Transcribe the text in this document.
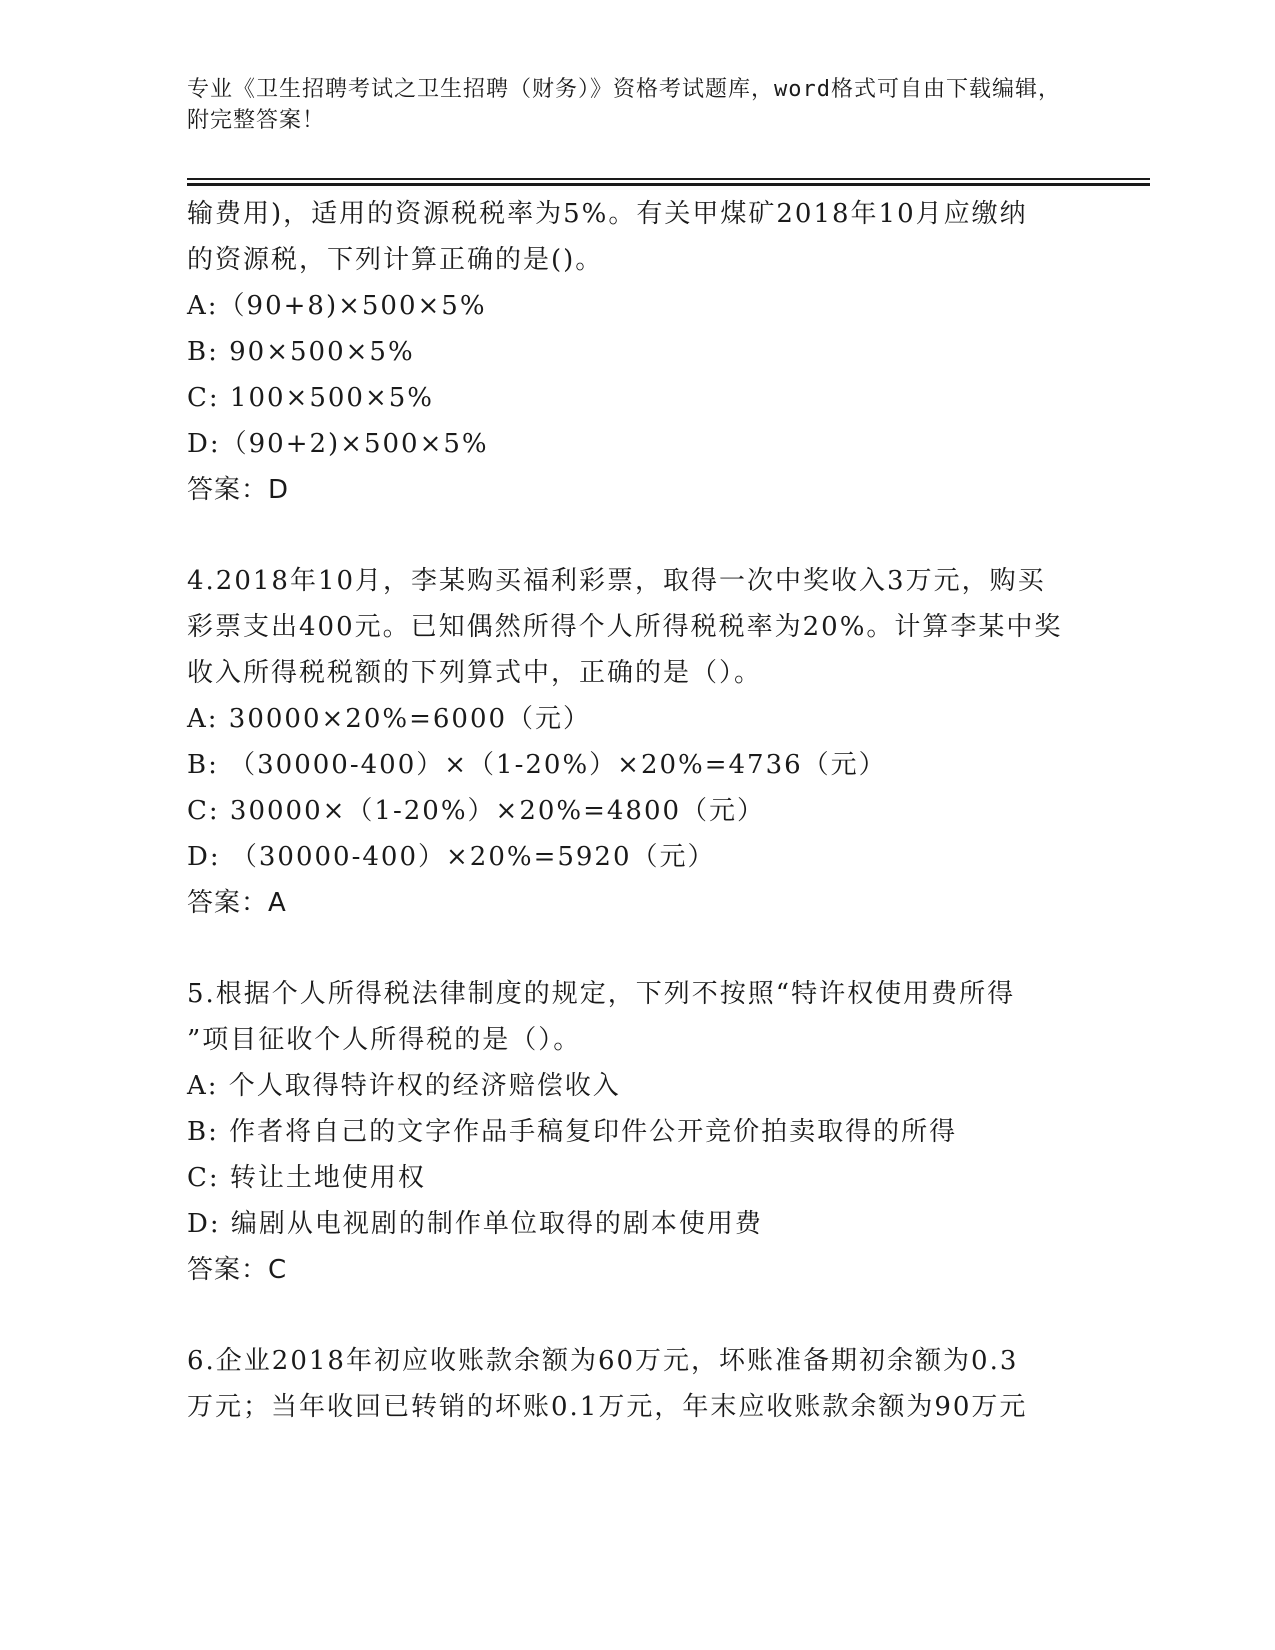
专业《卫生招聘考试之卫生招聘（财务）》资格考试题库，word格式可自由下载编辑，附完整答案！
输费用)，适用的资源税税率为5%。有关甲煤矿2018年10月应缴纳
的资源税，下列计算正确的是()。
A:（90+8)×500×5%
B: 90×500×5%
C: 100×500×5%
D:（90+2)×500×5%
答案：D
4.2018年10月，李某购买福利彩票，取得一次中奖收入3万元，购买
彩票支出400元。已知偶然所得个人所得税税率为20%。计算李某中奖
收入所得税税额的下列算式中，正确的是（）。
A: 30000×20%=6000（元）
B: （30000-400）×（1-20%）×20%=4736（元）
C: 30000×（1-20%）×20%=4800（元）
D: （30000-400）×20%=5920（元）
答案：A
5.根据个人所得税法律制度的规定，下列不按照“特许权使用费所得
”项目征收个人所得税的是（）。
A: 个人取得特许权的经济赔偿收入
B: 作者将自己的文字作品手稿复印件公开竞价拍卖取得的所得
C: 转让土地使用权
D: 编剧从电视剧的制作单位取得的剧本使用费
答案：C
6.企业2018年初应收账款余额为60万元，坏账准备期初余额为0.3
万元；当年收回已转销的坏账0.1万元，年末应收账款余额为90万元
